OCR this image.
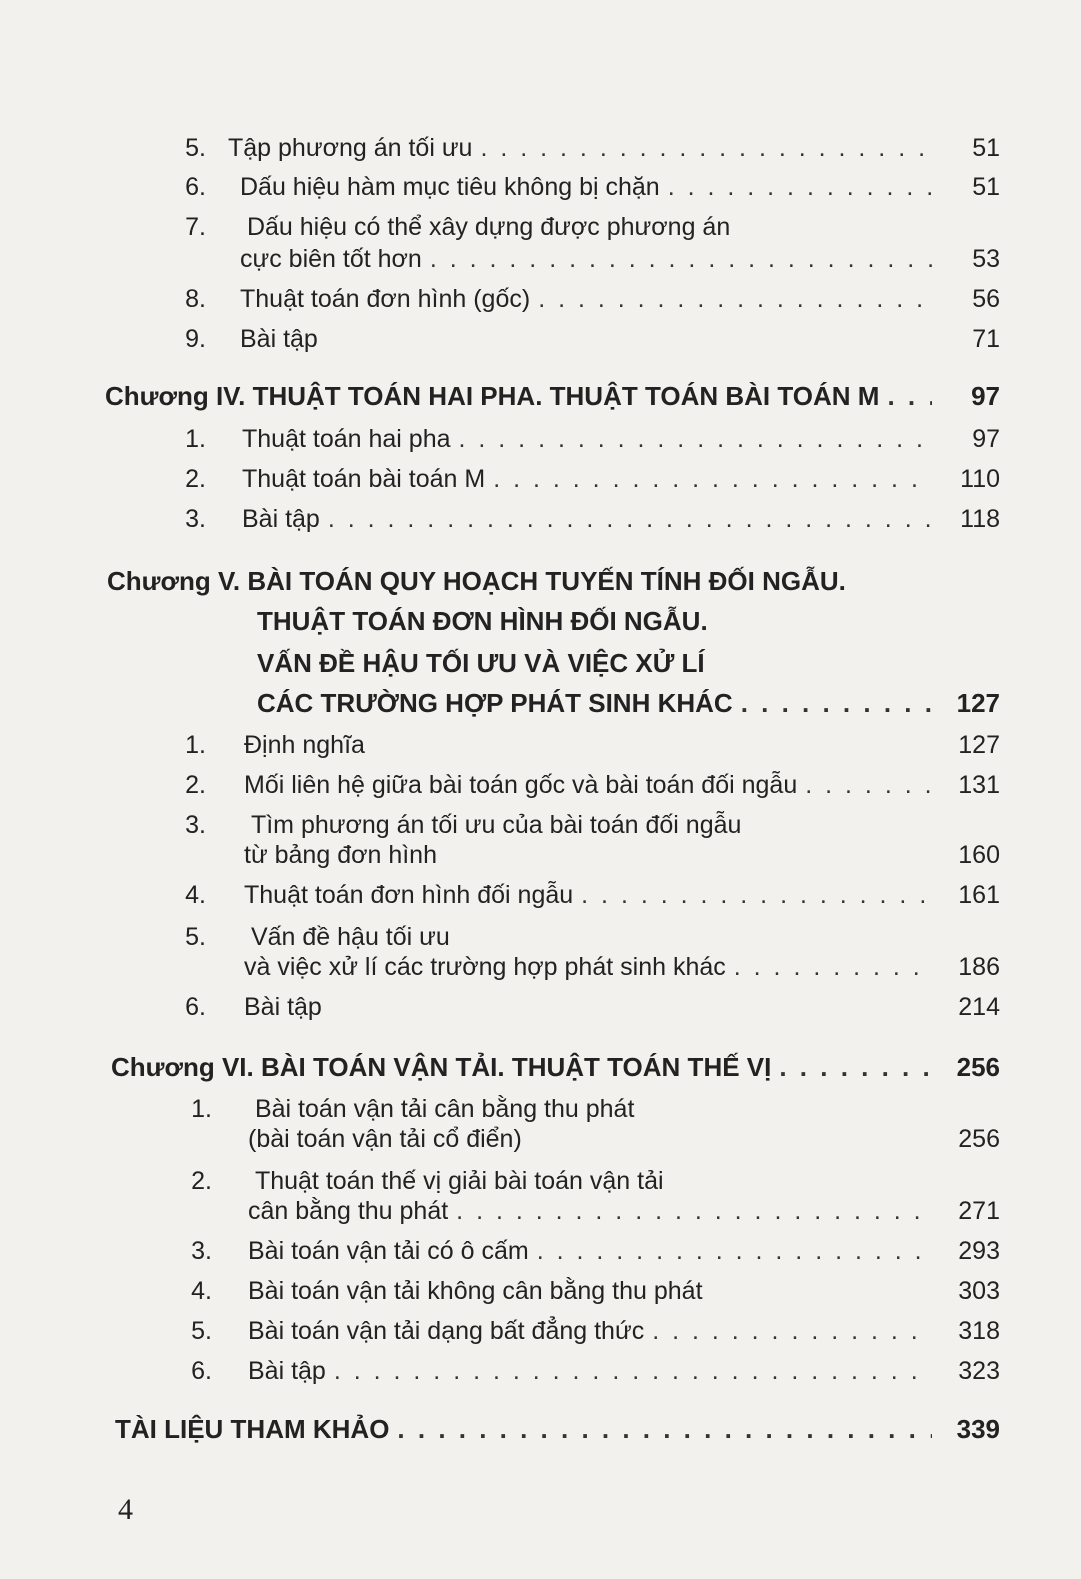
5. Tập phương án tối ưu . . .	51
6. Dấu hiệu hàm mục tiêu không bị chặn . . .	51
7. Dấu hiệu có thể xây dựng được phương án
cực biên tốt hơn . . .	53
8. Thuật toán đơn hình (gốc) . . .	56
9. Bài tập	71
Chương IV. THUẬT TOÁN HAI PHA. THUẬT TOÁN BÀI TOÁN M . . .	97
1. Thuật toán hai pha . . .	97
2. Thuật toán bài toán M . . .	110
3. Bài tập . . .	118
Chương V. BÀI TOÁN QUY HOẠCH TUYẾN TÍNH ĐỐI NGẪU.
THUẬT TOÁN ĐƠN HÌNH ĐỐI NGẪU.
VẤN ĐỀ HẬU TỐI ƯU VÀ VIỆC XỬ LÍ
CÁC TRƯỜNG HỢP PHÁT SINH KHÁC . . .	127
1. Định nghĩa	127
2. Mối liên hệ giữa bài toán gốc và bài toán đối ngẫu . . .	131
3. Tìm phương án tối ưu của bài toán đối ngẫu
từ bảng đơn hình	160
4. Thuật toán đơn hình đối ngẫu . . .	161
5. Vấn đề hậu tối ưu
và việc xử lí các trường hợp phát sinh khác . . .	186
6. Bài tập	214
Chương VI. BÀI TOÁN VẬN TẢI. THUẬT TOÁN THẾ VỊ . . .	256
1. Bài toán vận tải cân bằng thu phát
(bài toán vận tải cổ điển)	256
2. Thuật toán thế vị giải bài toán vận tải
cân bằng thu phát . . .	271
3. Bài toán vận tải có ô cấm . . .	293
4. Bài toán vận tải không cân bằng thu phát	303
5. Bài toán vận tải dạng bất đẳng thức . . .	318
6. Bài tập . . .	323
TÀI LIỆU THAM KHẢO . . .	339
4
